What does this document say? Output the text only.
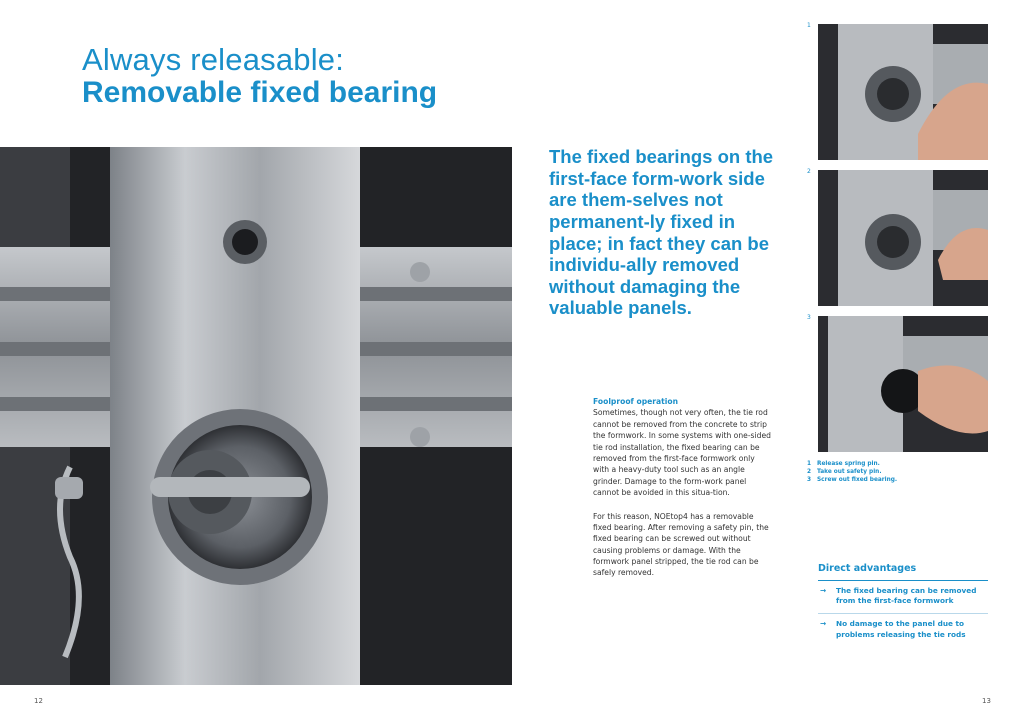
Always releasable:
Removable fixed bearing
The fixed bearings on the first-face form-work side are them-selves not permanent-ly fixed in place; in fact they can be individu-ally removed without damaging the valuable panels.
Foolproof operation

Sometimes, though not very often, the tie rod cannot be removed from the concrete to strip the formwork. In some systems with one-sided tie rod installation, the fixed bearing can be removed from the first-face formwork only with a heavy-duty tool such as an angle grinder. Damage to the form-work panel cannot be avoided in this situa-tion.

For this reason, NOEtop4 has a removable fixed bearing. After removing a safety pin, the fixed bearing can be screwed out without causing problems or damage. With the formwork panel stripped, the tie rod can be safely removed.

1
2
3
1	Release spring pin.
2	Take out safety pin.
3	Screw out fixed bearing.
Direct advantages
→	The fixed bearing can be removed from the first-face formwork
→	No damage to the panel due to problems releasing the tie rods
12	13
